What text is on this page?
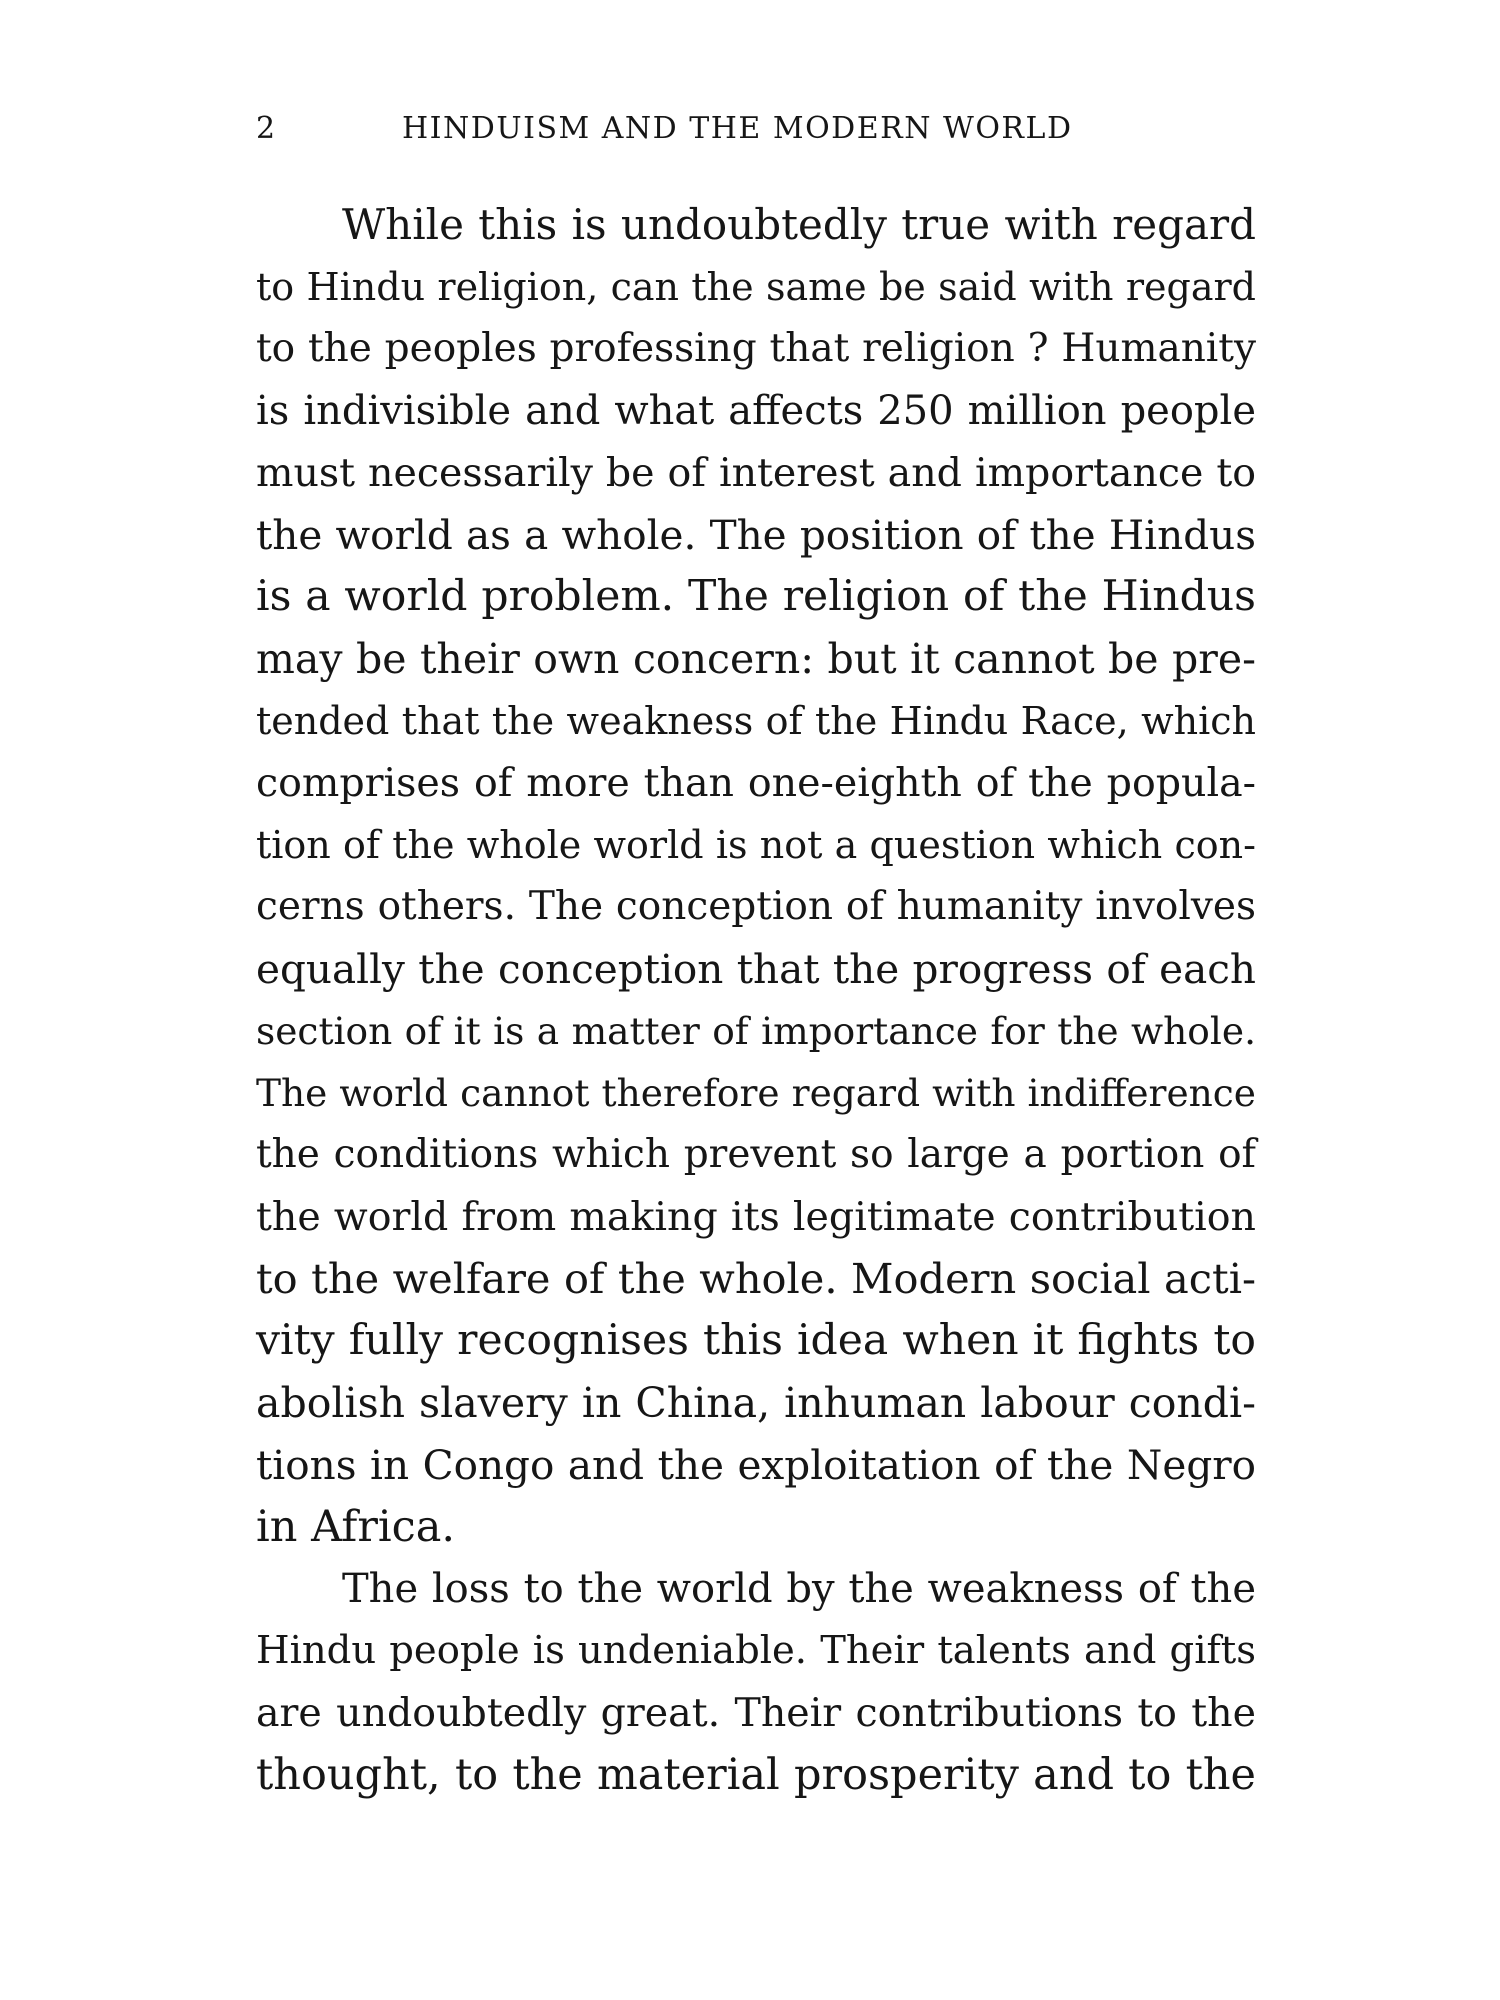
2	HINDUISM AND THE MODERN WORLD
While this is undoubtedly true with regard
to Hindu religion, can the same be said with regard
to the peoples professing that religion ? Humanity
is indivisible and what affects 250 million people
must necessarily be of interest and importance to
the world as a whole. The position of the Hindus
is a world problem. The religion of the Hindus
may be their own concern: but it cannot be pre-
tended that the weakness of the Hindu Race, which
comprises of more than one-eighth of the popula-
tion of the whole world is not a question which con-
cerns others. The conception of humanity involves
equally the conception that the progress of each
section of it is a matter of importance for the whole.
The world cannot therefore regard with indifference
the conditions which prevent so large a portion of
the world from making its legitimate contribution
to the welfare of the whole. Modern social acti-
vity fully recognises this idea when it fights to
abolish slavery in China, inhuman labour condi-
tions in Congo and the exploitation of the Negro
in Africa.
The loss to the world by the weakness of the
Hindu people is undeniable. Their talents and gifts
are undoubtedly great. Their contributions to the
thought, to the material prosperity and to the
